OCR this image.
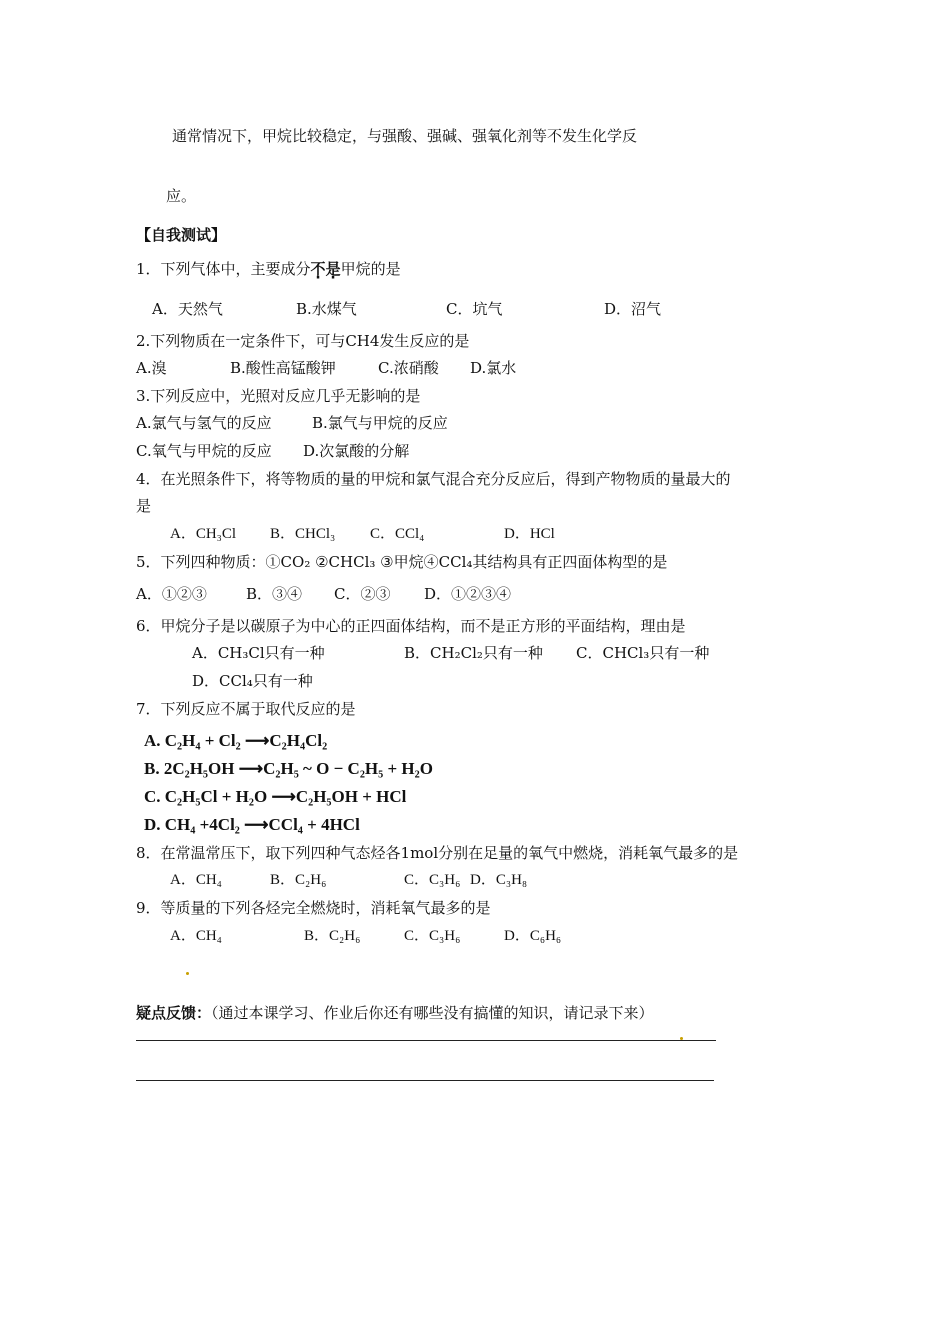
通常情况下，甲烷比较稳定，与强酸、强碱、强氧化剂等不发生化学反
应。
【自我测试】
1．下列气体中，主要成分不是甲烷的是
A．天然气	B.水煤气	C．坑气	D．沼气
2.下列物质在一定条件下，可与CH4发生反应的是
A.溴	B.酸性高锰酸钾	C.浓硝酸 D.氯水
3.下列反应中，光照对反应几乎无影响的是
A.氯气与氢气的反应	B.氯气与甲烷的反应
C.氧气与甲烷的反应 D.次氯酸的分解
4．在光照条件下，将等物质的量的甲烷和氯气混合充分反应后，得到产物物质的量最大的
是
A．CH₃Cl B．CHCl₃ C．CCl₄	D．HCl
5．下列四种物质：①CO₂ ②CHCl₃ ③甲烷④CCl₄其结构具有正四面体构型的是
A．①②③	B．③④ C．②③ D．①②③④
6．甲烷分子是以碳原子为中心的正四面体结构，而不是正方形的平面结构，理由是
A．CH₃Cl只有一种	B．CH₂Cl₂只有一种 C．CHCl₃只有一种
D．CCl₄只有一种
7．下列反应不属于取代反应的是
A. C₂H₄ + Cl₂ ⟶C₂H₄Cl₂
B. 2C₂H₅OH ⟶C₂H₅ ~ O − C₂H₅ + H₂O
C. C₂H₅Cl + H₂O ⟶C₂H₅OH + HCl
D. CH₄ +4Cl₂ ⟶CCl₄ + 4HCl
8．在常温常压下，取下列四种气态烃各1mol分别在足量的氧气中燃烧，消耗氧气最多的是
A．CH₄	B．C₂H₆	C．C₃H₆ D．C₃H₈
9．等质量的下列各烃完全燃烧时，消耗氧气最多的是
A．CH₄	B．C₂H₆	C．C₃H₆	D．C₆H₆
疑点反馈：（通过本课学习、作业后你还有哪些没有搞懂的知识，请记录下来）
